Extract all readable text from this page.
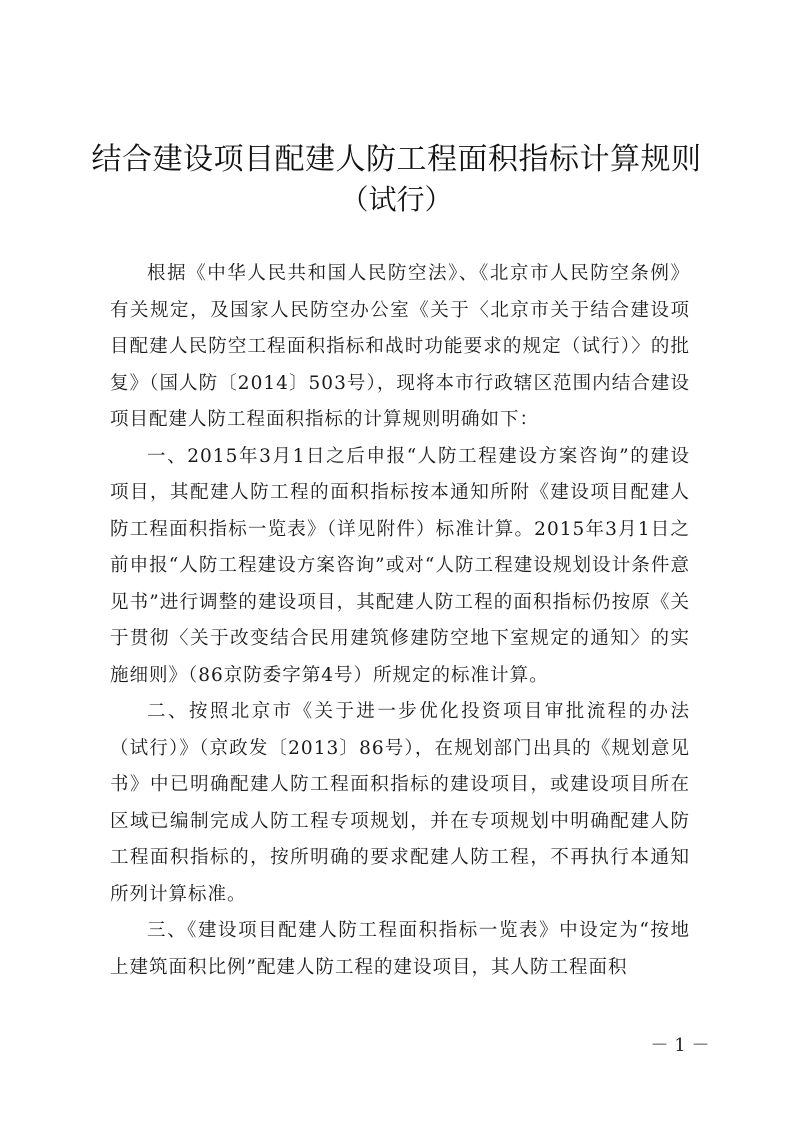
结合建设项目配建人防工程面积指标计算规则
（试行）

根据《中华人民共和国人民防空法》、《北京市人民防空条例》有关规定，及国家人民防空办公室《关于〈北京市关于结合建设项目配建人民防空工程面积指标和战时功能要求的规定（试行）〉的批复》（国人防〔2014〕503号），现将本市行政辖区范围内结合建设项目配建人防工程面积指标的计算规则明确如下：

一、2015年3月1日之后申报“人防工程建设方案咨询”的建设项目，其配建人防工程的面积指标按本通知所附《建设项目配建人防工程面积指标一览表》（详见附件）标准计算。2015年3月1日之前申报“人防工程建设方案咨询”或对“人防工程建设规划设计条件意见书”进行调整的建设项目，其配建人防工程的面积指标仍按原《关于贯彻〈关于改变结合民用建筑修建防空地下室规定的通知〉的实施细则》（86京防委字第4号）所规定的标准计算。

二、按照北京市《关于进一步优化投资项目审批流程的办法（试行）》（京政发〔2013〕86号），在规划部门出具的《规划意见书》中已明确配建人防工程面积指标的建设项目，或建设项目所在区域已编制完成人防工程专项规划，并在专项规划中明确配建人防工程面积指标的，按所明确的要求配建人防工程，不再执行本通知所列计算标准。

三、《建设项目配建人防工程面积指标一览表》中设定为“按地上建筑面积比例”配建人防工程的建设项目，其人防工程面积

－ 1 －
